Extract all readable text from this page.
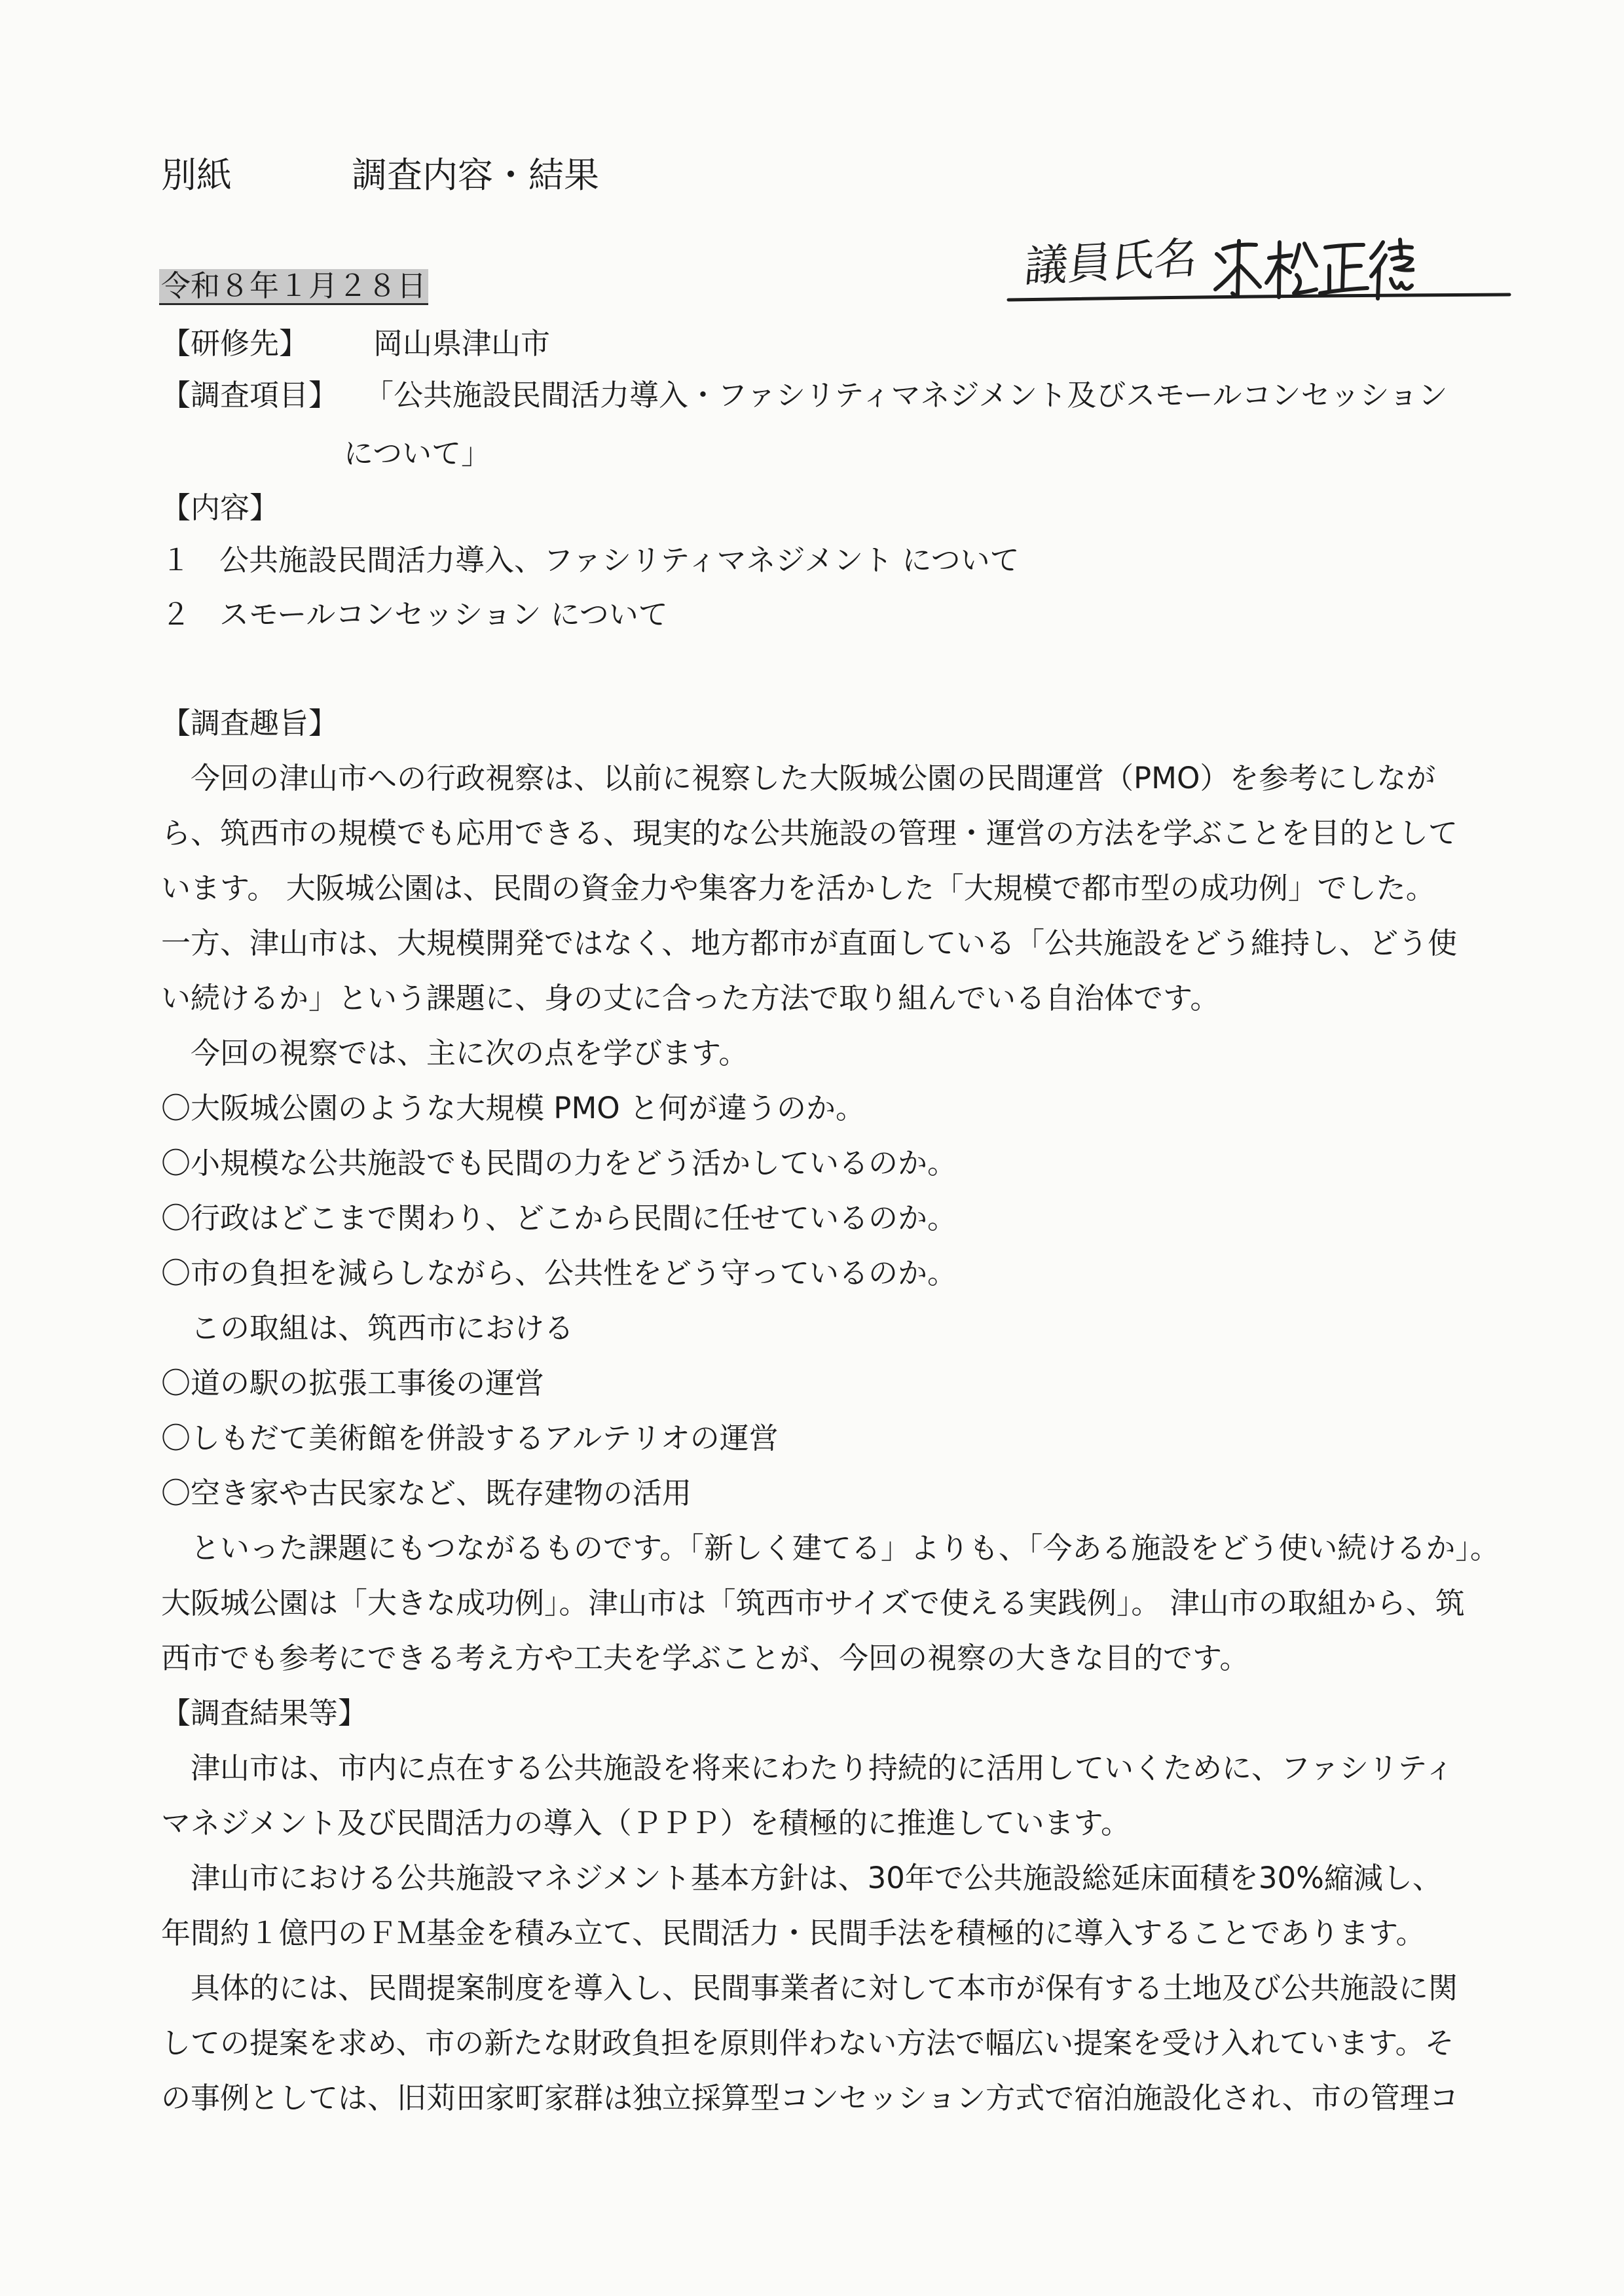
別紙	調査内容・結果
令和８年１月２８日	議員氏名
【研修先】 岡山県津山市
【調査項目】 「公共施設民間活力導入・ファシリティマネジメント及びスモールコンセッション
について」
【内容】
１ 公共施設民間活力導入、ファシリティマネジメント について
２ スモールコンセッション について
【調査趣旨】
今回の津山市への行政視察は、以前に視察した大阪城公園の民間運営（PMO）を参考にしなが
ら、筑西市の規模でも応用できる、現実的な公共施設の管理・運営の方法を学ぶことを目的として
います。 大阪城公園は、民間の資金力や集客力を活かした「大規模で都市型の成功例」でした。
一方、津山市は、大規模開発ではなく、地方都市が直面している「公共施設をどう維持し、どう使
い続けるか」という課題に、身の丈に合った方法で取り組んでいる自治体です。
今回の視察では、主に次の点を学びます。
〇大阪城公園のような大規模 PMO と何が違うのか。
〇小規模な公共施設でも民間の力をどう活かしているのか。
〇行政はどこまで関わり、どこから民間に任せているのか。
〇市の負担を減らしながら、公共性をどう守っているのか。
この取組は、筑西市における
〇道の駅の拡張工事後の運営
〇しもだて美術館を併設するアルテリオの運営
〇空き家や古民家など、既存建物の活用
といった課題にもつながるものです。「新しく建てる」よりも、「今ある施設をどう使い続けるか」。
大阪城公園は「大きな成功例」。津山市は「筑西市サイズで使える実践例」。 津山市の取組から、筑
西市でも参考にできる考え方や工夫を学ぶことが、今回の視察の大きな目的です。
【調査結果等】
津山市は、市内に点在する公共施設を将来にわたり持続的に活用していくために、ファシリティ
マネジメント及び民間活力の導入（ＰＰＰ）を積極的に推進しています。
津山市における公共施設マネジメント基本方針は、30年で公共施設総延床面積を30%縮減し、
年間約１億円のＦＭ基金を積み立て、民間活力・民間手法を積極的に導入することであります。
具体的には、民間提案制度を導入し、民間事業者に対して本市が保有する土地及び公共施設に関
しての提案を求め、市の新たな財政負担を原則伴わない方法で幅広い提案を受け入れています。そ
の事例としては、旧苅田家町家群は独立採算型コンセッション方式で宿泊施設化され、市の管理コ
